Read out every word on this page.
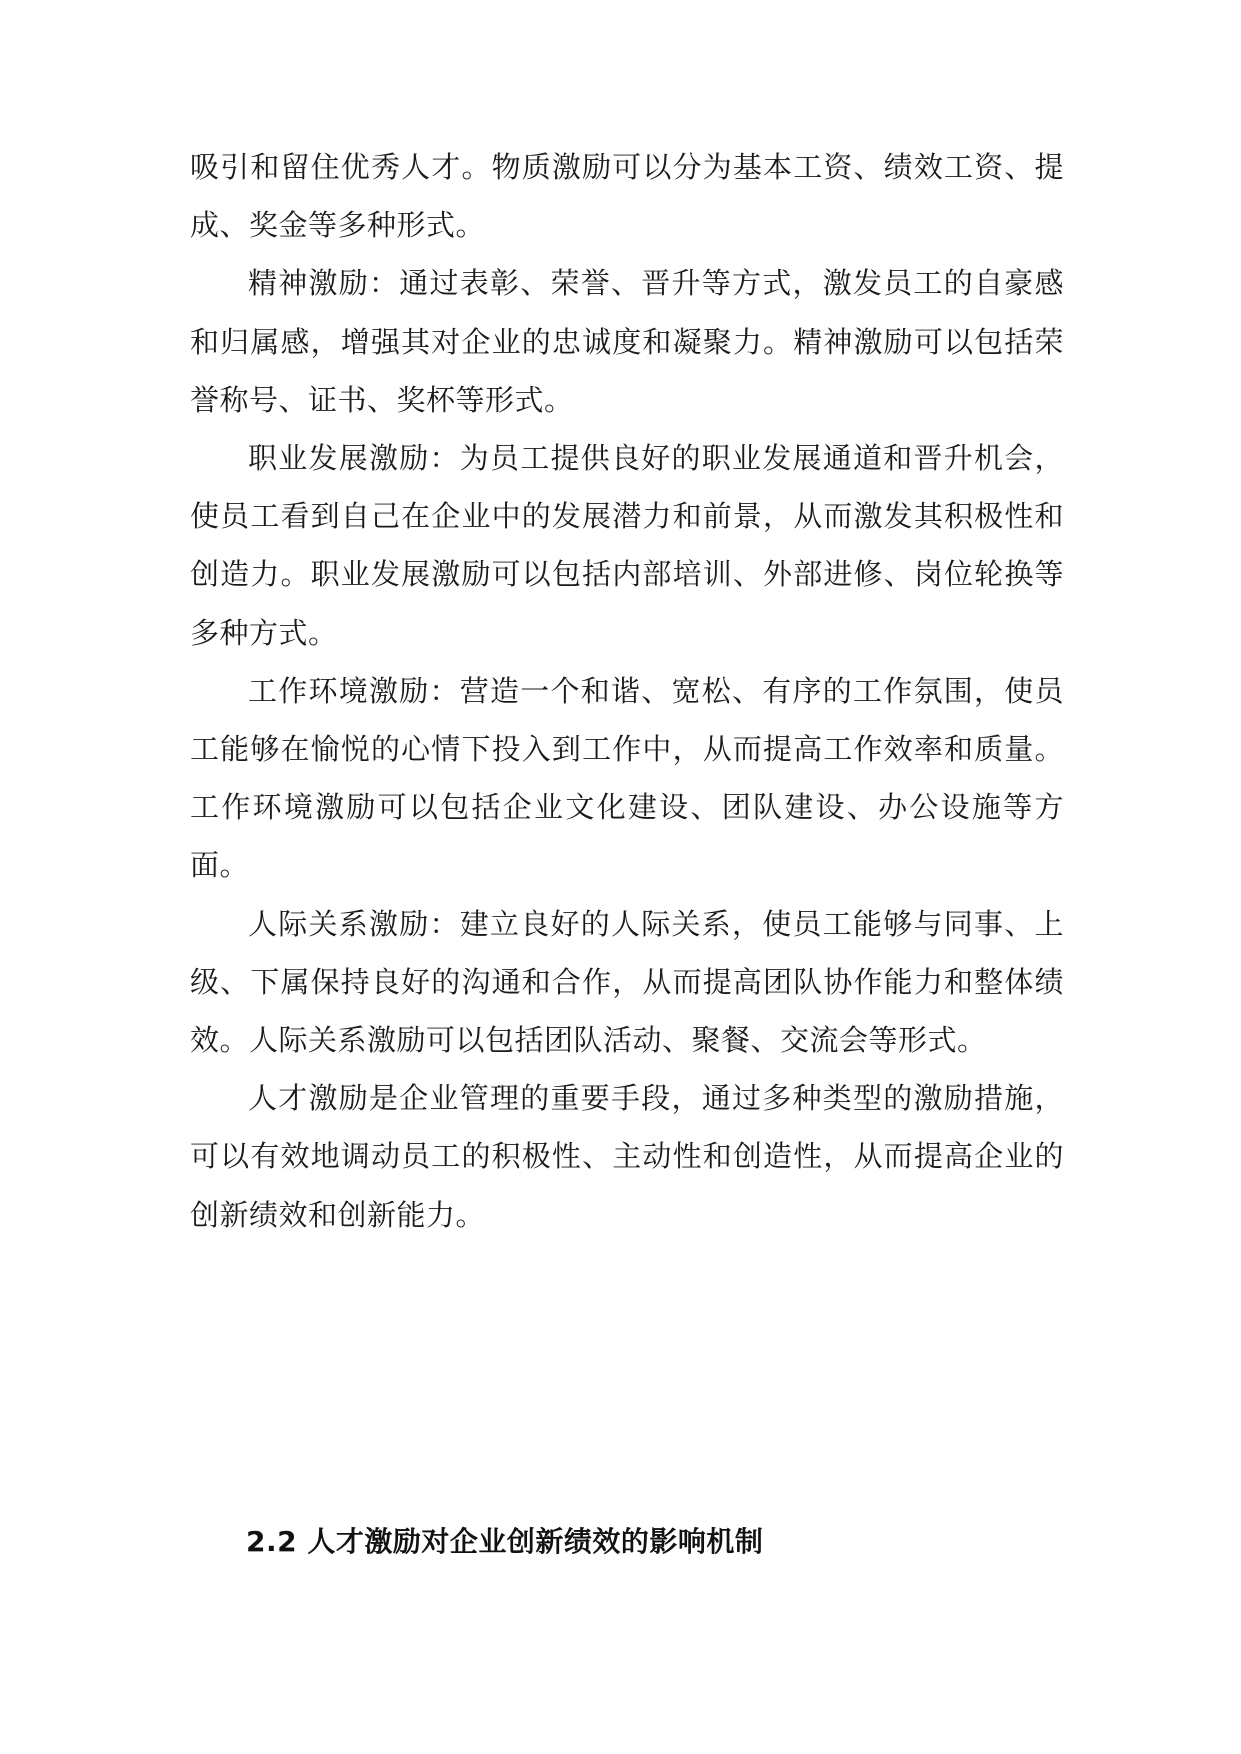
吸引和留住优秀人才。物质激励可以分为基本工资、绩效工资、提成、奖金等多种形式。

精神激励：通过表彰、荣誉、晋升等方式，激发员工的自豪感和归属感，增强其对企业的忠诚度和凝聚力。精神激励可以包括荣誉称号、证书、奖杯等形式。

职业发展激励：为员工提供良好的职业发展通道和晋升机会，使员工看到自己在企业中的发展潜力和前景，从而激发其积极性和创造力。职业发展激励可以包括内部培训、外部进修、岗位轮换等多种方式。

工作环境激励：营造一个和谐、宽松、有序的工作氛围，使员工能够在愉悦的心情下投入到工作中，从而提高工作效率和质量。工作环境激励可以包括企业文化建设、团队建设、办公设施等方面。

人际关系激励：建立良好的人际关系，使员工能够与同事、上级、下属保持良好的沟通和合作，从而提高团队协作能力和整体绩效。人际关系激励可以包括团队活动、聚餐、交流会等形式。

人才激励是企业管理的重要手段，通过多种类型的激励措施，可以有效地调动员工的积极性、主动性和创造性，从而提高企业的创新绩效和创新能力。

2.2 人才激励对企业创新绩效的影响机制
